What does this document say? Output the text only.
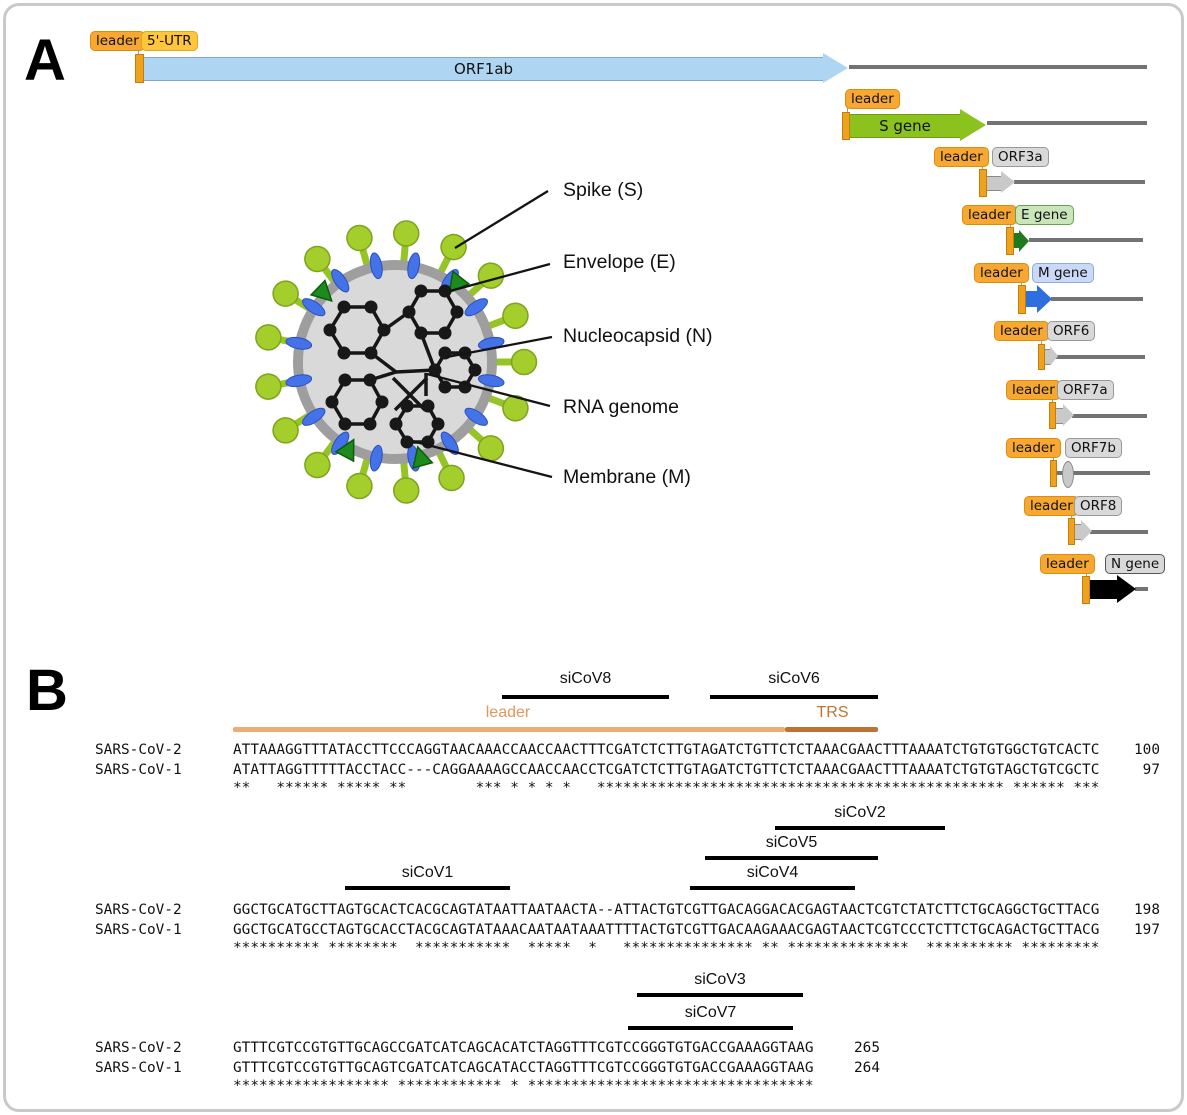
A	leader 5'-UTR
ORF1ab
leader
S gene
leader	ORF3a
leader E gene
leader	M gene
leader ORF6
leader ORF7a
leader	ORF7b
leader ORF8
leader	N gene
Spike (S)
Envelope (E)
Nucleocapsid (N)
RNA genome
Membrane (M)
B	siCoV8	siCoV6
leader	TRS
SARS-CoV-2	ATTAAAGGTTTATACCTTCCCAGGTAACAAACCAACCAACTTTCGATCTCTTGTAGATCTGTTCTCTAAACGAACTTTAAAATCTGTGTGGCTGTCACTC	100
SARS-CoV-1	ATATTAGGTTTTTACCTACC---CAGGAAAAGCCAACCAACCTCGATCTCTTGTAGATCTGTTCTCTAAACGAACTTTAAAATCTGTGTAGCTGTCGCTC	97
**   ****** ***** **        *** * * * *   *********************************************** ****** ***
siCoV2
siCoV5
siCoV1	siCoV4
SARS-CoV-2	GGCTGCATGCTTAGTGCACTCACGCAGTATAATTAATAACTA--ATTACTGTCGTTGACAGGACACGAGTAACTCGTCTATCTTCTGCAGGCTGCTTACG	198
SARS-CoV-1	GGCTGCATGCCTAGTGCACCTACGCAGTATAAACAATAATAAATTTTACTGTCGTTGACAAGAAACGAGTAACTCGTCCCTCTTCTGCAGACTGCTTACG	197
********** ********  ***********  *****  *   *************** ** **************  ********** *********
siCoV3
siCoV7
SARS-CoV-2	GTTTCGTCCGTGTTGCAGCCGATCATCAGCACATCTAGGTTTCGTCCGGGTGTGACCGAAAGGTAAG	265
SARS-CoV-1	GTTTCGTCCGTGTTGCAGTCGATCATCAGCATACCTAGGTTTCGTCCGGGTGTGACCGAAAGGTAAG	264
****************** ************ * *********************************
